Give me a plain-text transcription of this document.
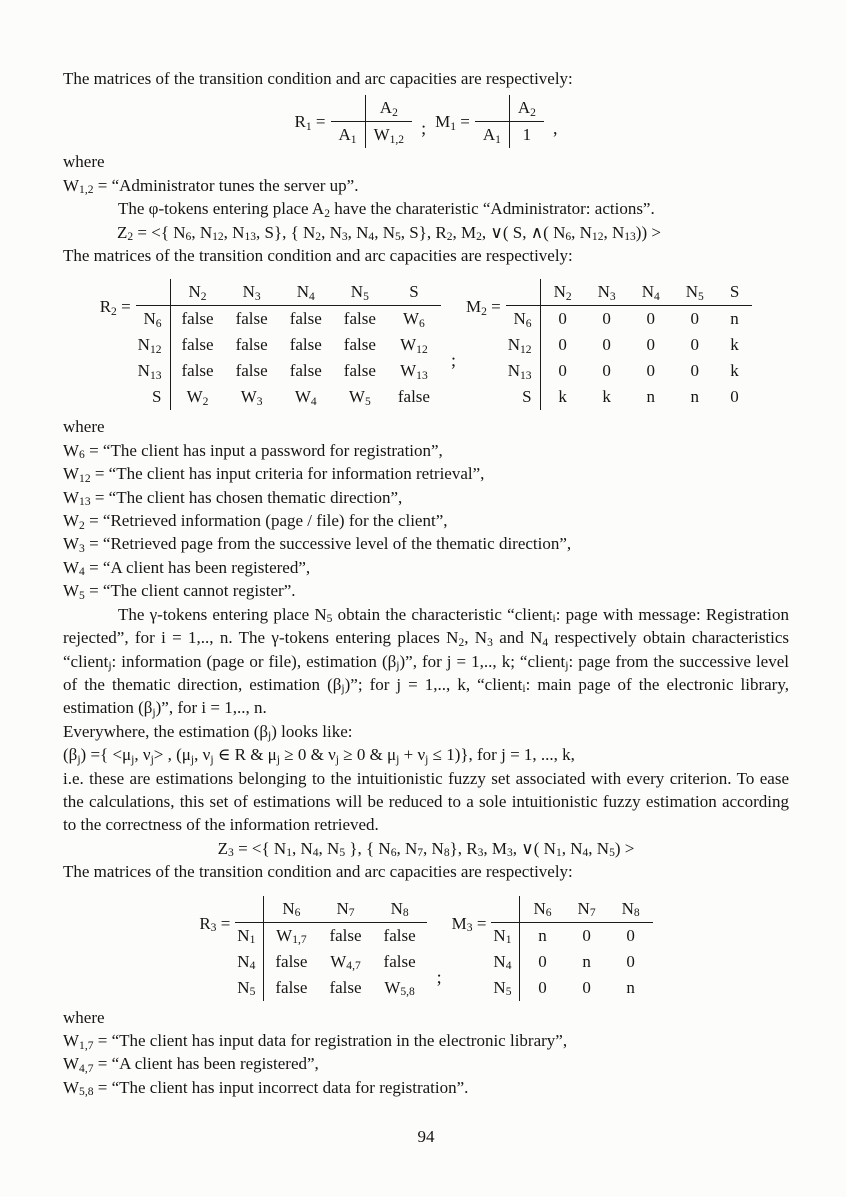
The matrices of the transition condition and arc capacities are respectively:

$R_1$ =
	$A_2$
$A_1$	$W_{1,2}$
; $M_1$ =
	$A_2$
$A_1$	1 ,

where

$W_{1,2}$ = “Administrator tunes the server up”.

The φ-tokens entering place $A_2$ have the charateristic “Administrator: actions”.

$Z_2$ = <{ $N_6$, $N_{12}$, $N_{13}$, S}, { $N_2$, $N_3$, $N_4$, $N_5$, S}, $R_2$, $M_2$, ∨( S, ∧( $N_6$, $N_{12}$, $N_{13}$)) >

The matrices of the transition condition and arc capacities are respectively:

$R_2$ =
	$N_2$	$N_3$	$N_4$	$N_5$	S
$N_6$	false	false	false	false	$W_6$
$N_{12}$	false	false	false	false	$W_{12}$
$N_{13}$	false	false	false	false	$W_{13}$
S	$W_2$	$W_3$	$W_4$	$W_5$	false
;
$M_2$ =
	$N_2$	$N_3$	$N_4$	$N_5$	S
$N_6$	0	0	0	0	n
$N_{12}$	0	0	0	0	k
$N_{13}$	0	0	0	0	k
S	k	k	n	n	0

where

$W_6$ = “The client has input a password for registration”,

$W_{12}$ = “The client has input criteria for information retrieval”,

$W_{13}$ = “The client has chosen thematic direction”,

$W_2$ = “Retrieved information (page / file) for the client”,

$W_3$ = “Retrieved page from the successive level of the thematic direction”,

$W_4$ = “A client has been registered”,

$W_5$ = “The client cannot register”.

The γ-tokens entering place $N_5$ obtain the characteristic “client$_i$: page with message: Registration rejected”, for i = 1,.., n. The γ-tokens entering places $N_2$, $N_3$ and $N_4$ respectively obtain characteristics “client$_j$: information (page or file), estimation $(\beta_j)$”, for j = 1,.., k; “client$_j$: page from the successive level of the thematic direction, estimation $(\beta_j)$”; for j = 1,.., k, “client$_i$: main page of the electronic library, estimation $(\beta_j)$”, for i = 1,.., n.

Everywhere, the estimation $(\beta_j)$ looks like:

$(\beta_j)$ ={ $<\mu_j$, $\nu_j>$ , ($\mu_j$, $\nu_j$ ∈ R & $\mu_j \ge 0$ & $\nu_j \ge 0$ & $\mu_j + \nu_j \le 1$)}, for j = 1, ..., k,

i.e. these are estimations belonging to the intuitionistic fuzzy set associated with every criterion. To ease the calculations, this set of estimations will be reduced to a sole intuitionistic fuzzy estimation according to the correctness of the information retrieved.

$Z_3$ = <{ $N_1$, $N_4$, $N_5$ }, { $N_6$, $N_7$, $N_8$}, $R_3$, $M_3$, ∨( $N_1$, $N_4$, $N_5$) >

The matrices of the transition condition and arc capacities are respectively:

$R_3$ =
	$N_6$	$N_7$	$N_8$
$N_1$	$W_{1,7}$	false	false
$N_4$	false	$W_{4,7}$	false
$N_5$	false	false	$W_{5,8}$
;
$M_3$ =
	$N_6$	$N_7$	$N_8$
$N_1$	n	0	0
$N_4$	0	n	0
$N_5$	0	0	n

where

$W_{1,7}$ = “The client has input data for registration in the electronic library”,

$W_{4,7}$ = “A client has been registered”,

$W_{5,8}$ = “The client has input incorrect data for registration”.

94
